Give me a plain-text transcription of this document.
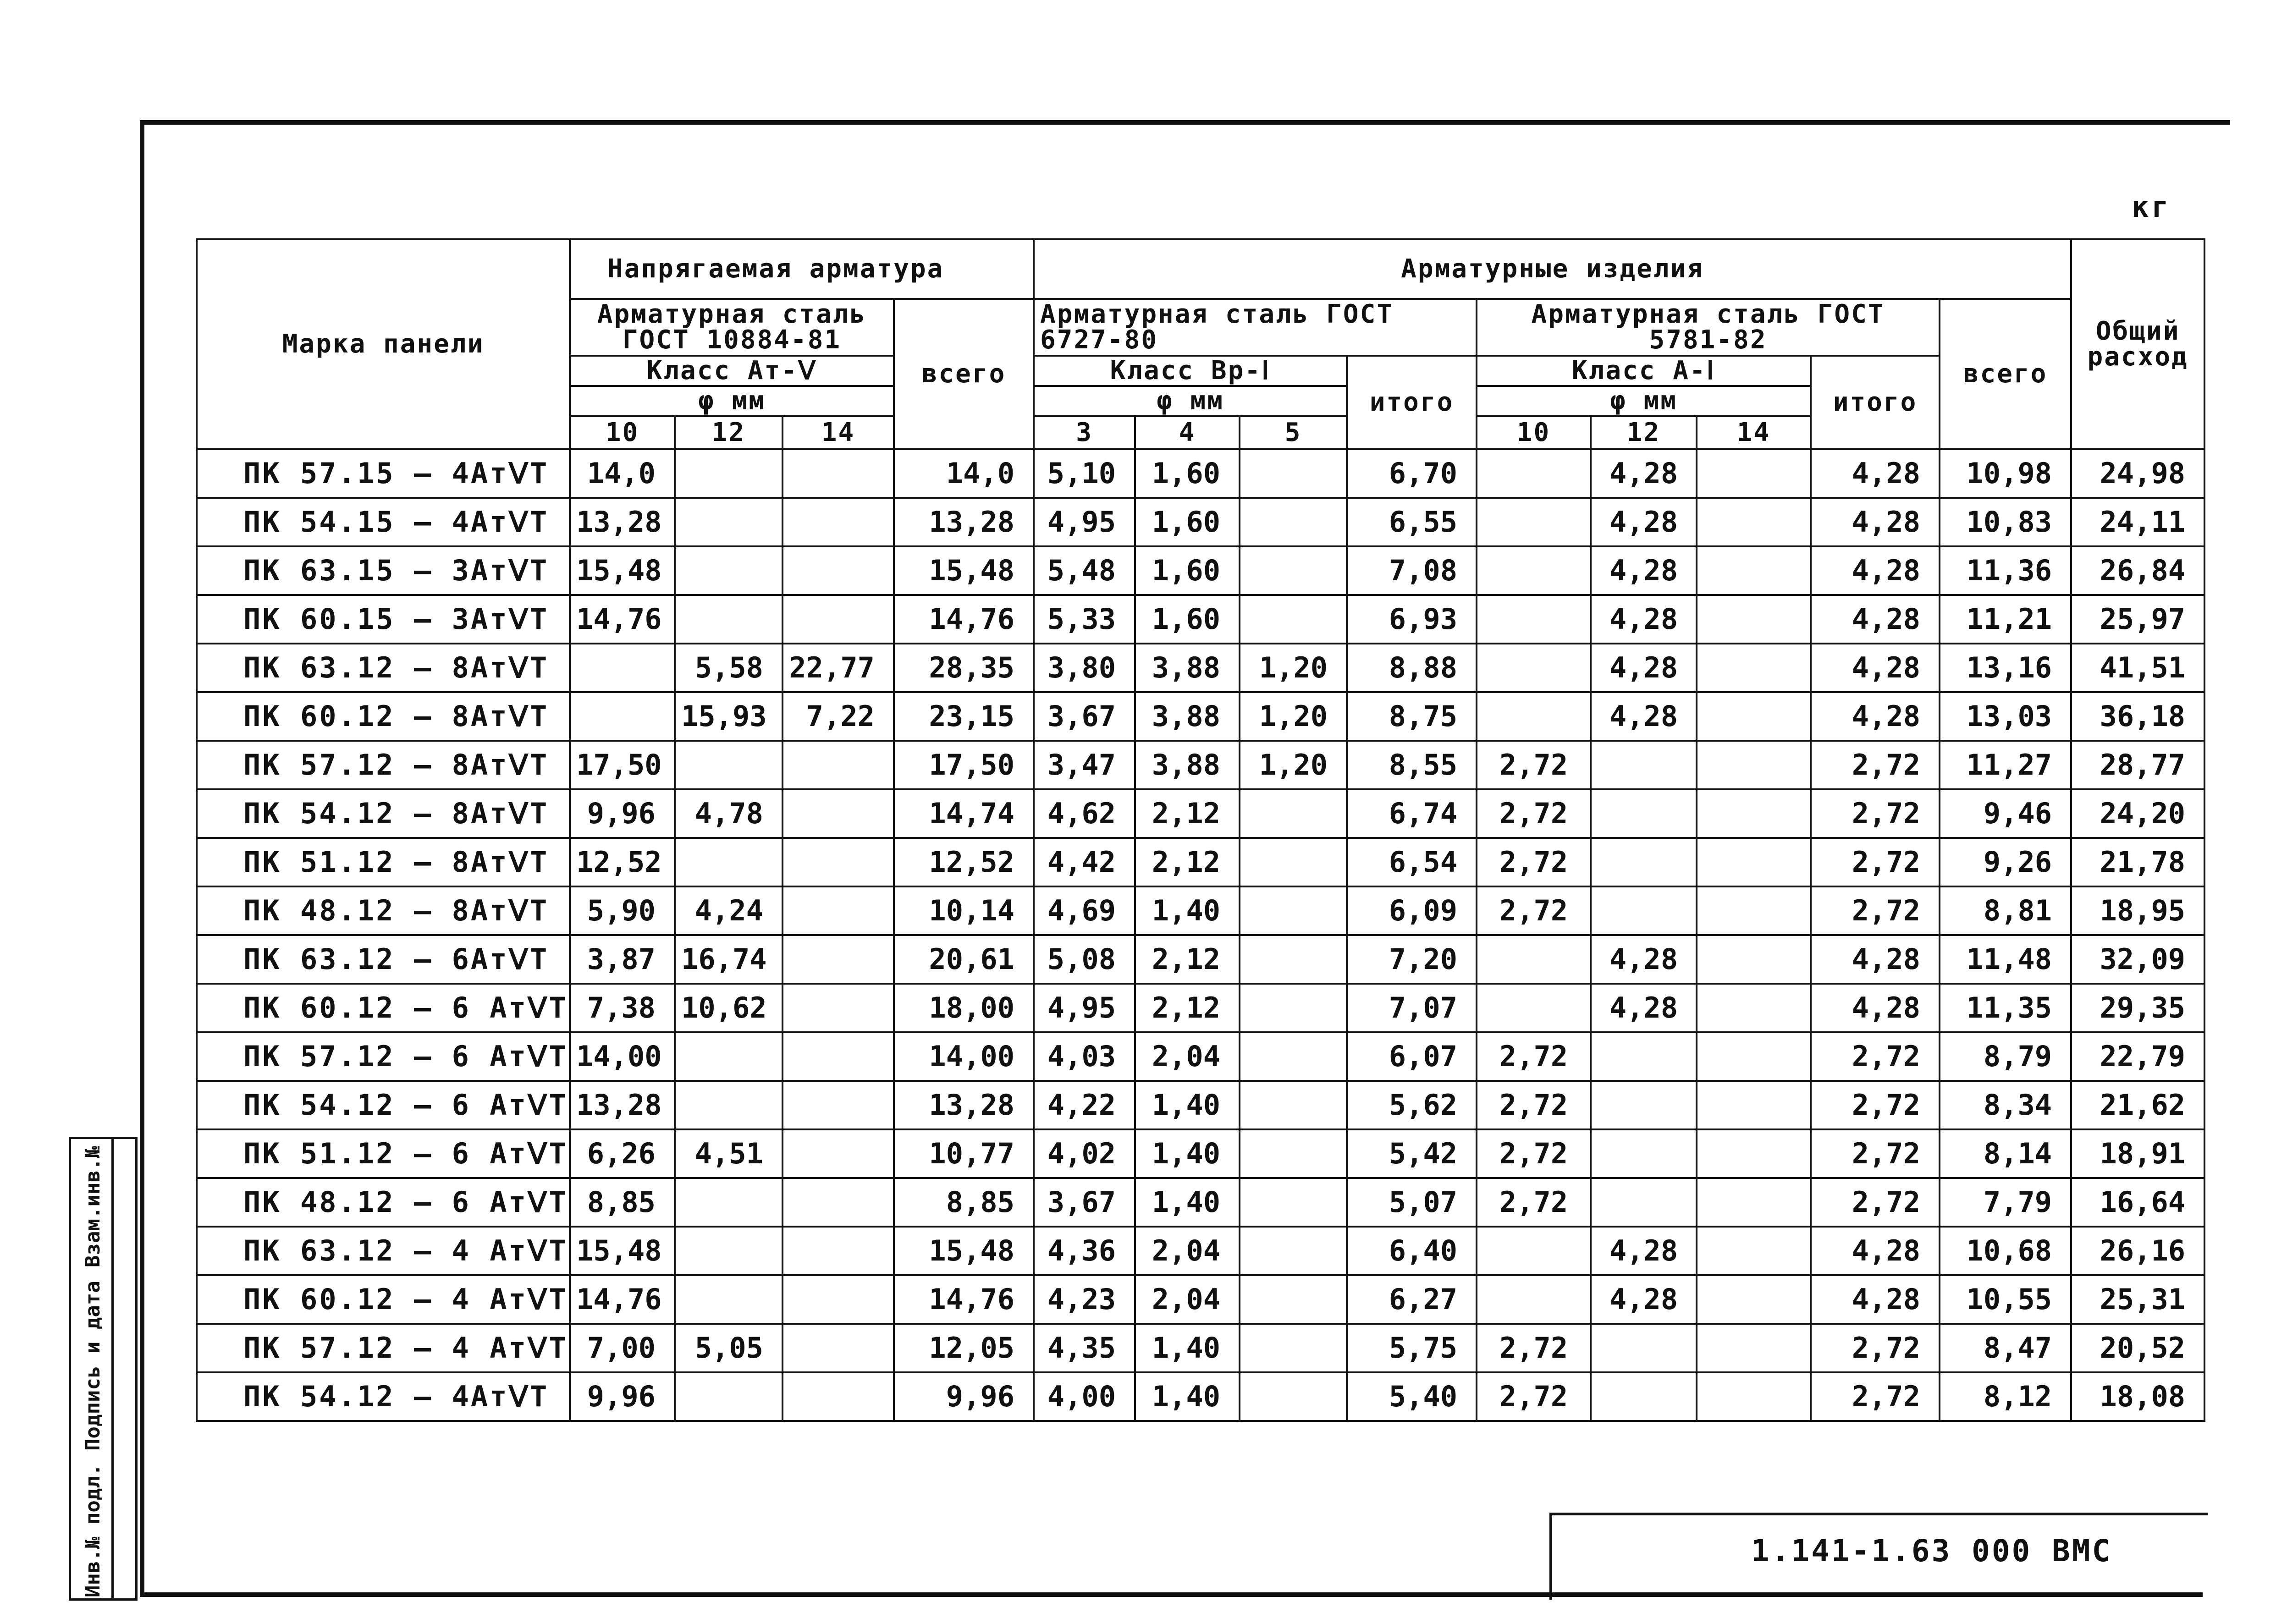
кг
Марка панели	Напрягаемая арматура				Арматурные изделия									Общий расход
	Арматурная сталь ГОСТ 10884-81			всего	Арматурная сталь ГОСТ 6727-80				Арматурная сталь ГОСТ 5781-82				всего	
	Класс Ат-Ⅴ				Класс Вр-Ⅰ			итого	Класс А-Ⅰ			итого		
	φ мм				φ мм				φ мм					
	10	12	14		3	4	5		10	12	14			
ПК 57.15 – 4АтⅤТ	14,0			14,0	5,10	1,60		6,70		4,28		4,28	10,98	24,98
ПК 54.15 – 4АтⅤТ	13,28			13,28	4,95	1,60		6,55		4,28		4,28	10,83	24,11
ПК 63.15 – 3АтⅤТ	15,48			15,48	5,48	1,60		7,08		4,28		4,28	11,36	26,84
ПК 60.15 – 3АтⅤТ	14,76			14,76	5,33	1,60		6,93		4,28		4,28	11,21	25,97
ПК 63.12 – 8АтⅤТ		5,58	22,77	28,35	3,80	3,88	1,20	8,88		4,28		4,28	13,16	41,51
ПК 60.12 – 8АтⅤТ		15,93	7,22	23,15	3,67	3,88	1,20	8,75		4,28		4,28	13,03	36,18
ПК 57.12 – 8АтⅤТ	17,50			17,50	3,47	3,88	1,20	8,55	2,72			2,72	11,27	28,77
ПК 54.12 – 8АтⅤТ	9,96	4,78		14,74	4,62	2,12		6,74	2,72			2,72	9,46	24,20
ПК 51.12 – 8АтⅤТ	12,52			12,52	4,42	2,12		6,54	2,72			2,72	9,26	21,78
ПК 48.12 – 8АтⅤТ	5,90	4,24		10,14	4,69	1,40		6,09	2,72			2,72	8,81	18,95
ПК 63.12 – 6АтⅤТ	3,87	16,74		20,61	5,08	2,12		7,20		4,28		4,28	11,48	32,09
ПК 60.12 – 6 АтⅤТ	7,38	10,62		18,00	4,95	2,12		7,07		4,28		4,28	11,35	29,35
ПК 57.12 – 6 АтⅤТ	14,00			14,00	4,03	2,04		6,07	2,72			2,72	8,79	22,79
ПК 54.12 – 6 АтⅤТ	13,28			13,28	4,22	1,40		5,62	2,72			2,72	8,34	21,62
ПК 51.12 – 6 АтⅤТ	6,26	4,51		10,77	4,02	1,40		5,42	2,72			2,72	8,14	18,91
ПК 48.12 – 6 АтⅤТ	8,85			8,85	3,67	1,40		5,07	2,72			2,72	7,79	16,64
ПК 63.12 – 4 АтⅤТ	15,48			15,48	4,36	2,04		6,40		4,28		4,28	10,68	26,16
ПК 60.12 – 4 АтⅤТ	14,76			14,76	4,23	2,04		6,27		4,28		4,28	10,55	25,31
ПК 57.12 – 4 АтⅤТ	7,00	5,05		12,05	4,35	1,40		5,75	2,72			2,72	8,47	20,52
ПК 54.12 – 4АтⅤТ	9,96			9,96	4,00	1,40		5,40	2,72			2,72	8,12	18,08
Инв.№ подл.
Подпись и дата
Взам.инв.№
1.141-1.63 000 ВМС
